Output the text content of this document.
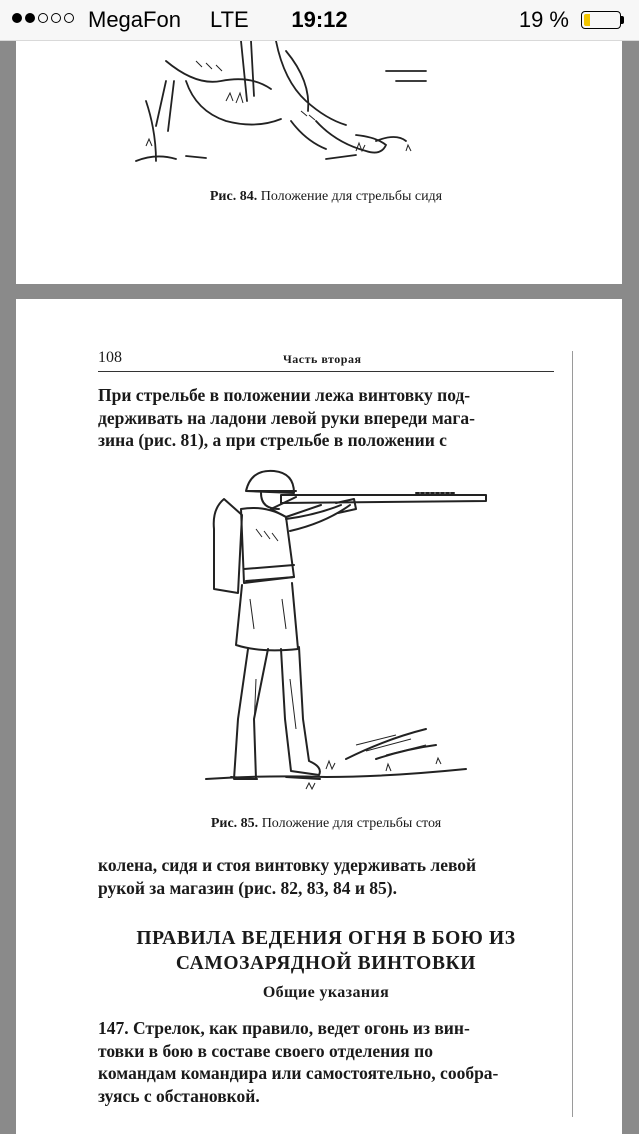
MegaFon LTE	19:12	19 %
Рис. 84. Положение для стрельбы сидя
108	Часть вторая
При стрельбе в положении лежа винтовку под-
держивать на ладони левой руки впереди мага-
зина (рис. 81), а при стрельбе в положении с
Рис. 85. Положение для стрельбы стоя
колена, сидя и стоя винтовку удерживать левой
рукой за магазин (рис. 82, 83, 84 и 85).
ПРАВИЛА ВЕДЕНИЯ ОГНЯ В БОЮ ИЗ
САМОЗАРЯДНОЙ ВИНТОВКИ
Общие указания
147. Стрелок, как правило, ведет огонь из вин-
товки в бою в составе своего отделения по
командам командира или самостоятельно, сообра-
зуясь с обстановкой.
